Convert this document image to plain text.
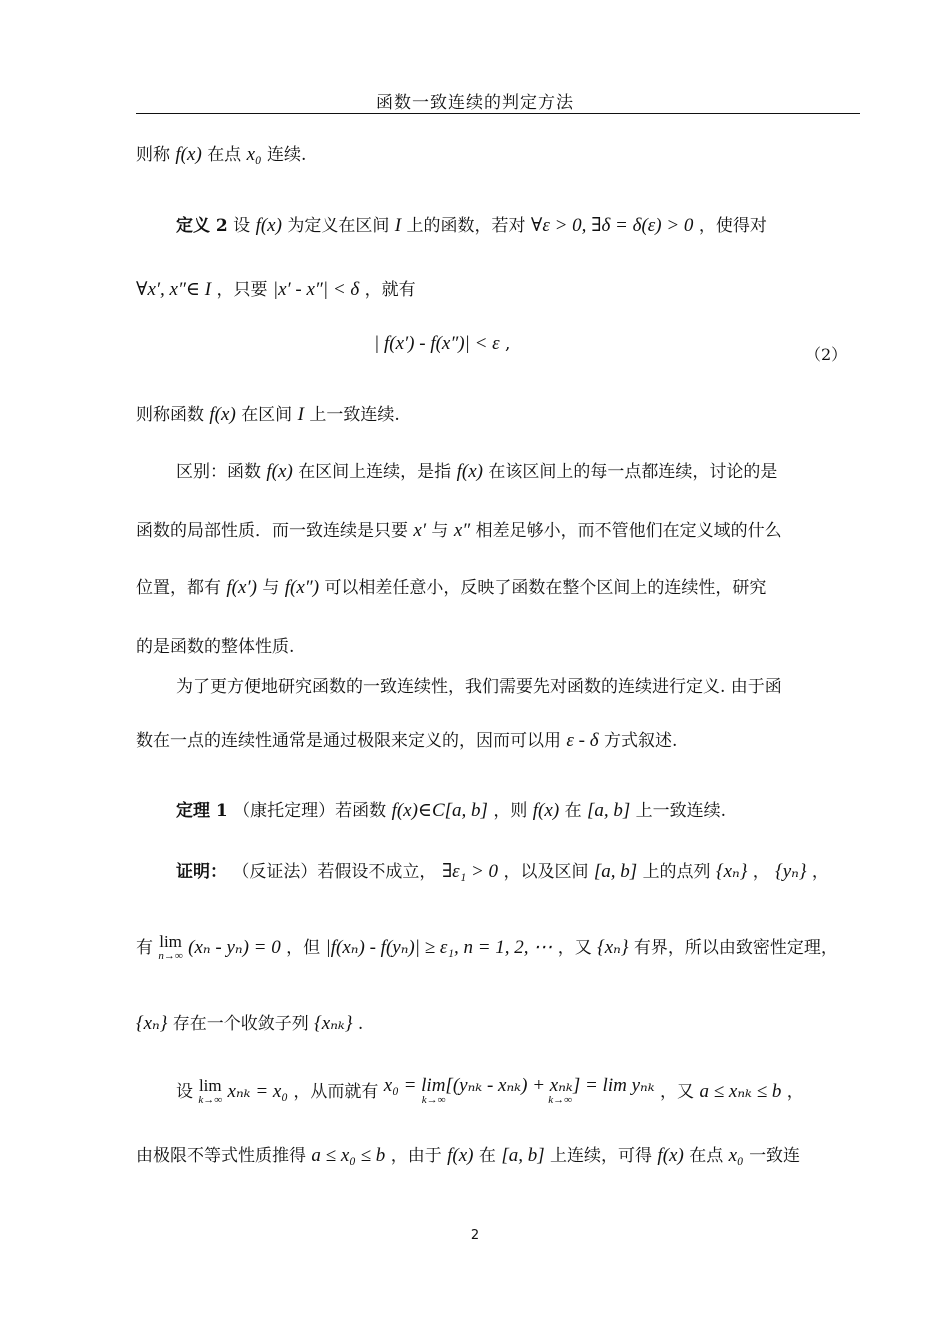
函数一致连续的判定方法
则称 f(x) 在点 x₀ 连续.
定义 2 设 f(x) 为定义在区间 I 上的函数，若对 ∀ε > 0, ∃δ = δ(ε) > 0 ，使得对
∀x′, x″∈ I ，只要 |x′ - x″| < δ ，就有
| f(x′) - f(x″)| < ε ,
（2）
则称函数 f(x) 在区间 I 上一致连续.
区别：函数 f(x) 在区间上连续，是指 f(x) 在该区间上的每一点都连续，讨论的是
函数的局部性质．而一致连续是只要 x′ 与 x″ 相差足够小，而不管他们在定义域的什么
位置，都有 f(x′) 与 f(x″) 可以相差任意小，反映了函数在整个区间上的连续性，研究
的是函数的整体性质.
为了更方便地研究函数的一致连续性，我们需要先对函数的连续进行定义. 由于函
数在一点的连续性通常是通过极限来定义的，因而可以用 ε - δ 方式叙述.
定理 1 （康托定理）若函数 f(x)∈C[a, b] ，则 f(x) 在 [a, b] 上一致连续.
证明： （反证法）若假设不成立， ∃ε₁ > 0 ，以及区间 [a, b] 上的点列 {xₙ} ， {yₙ} ，
有 lim
n→∞ (xₙ - yₙ) = 0 ，但 |f(xₙ) - f(yₙ)| ≥ ε₁, n = 1, 2, ⋯ ，又 {xₙ} 有界，所以由致密性定理，
{xₙ} 存在一个收敛子列 {xₙₖ} .
设 lim
k→∞ xₙₖ = x₀ ，从而就有 x₀ = lim[(yₙₖ - xₙₖ) + xₙₖ] = lim yₙₖ
k→∞	k→∞	，又 a ≤ xₙₖ ≤ b ，
由极限不等式性质推得 a ≤ x₀ ≤ b ，由于 f(x) 在 [a, b] 上连续，可得 f(x) 在点 x₀ 一致连
2
